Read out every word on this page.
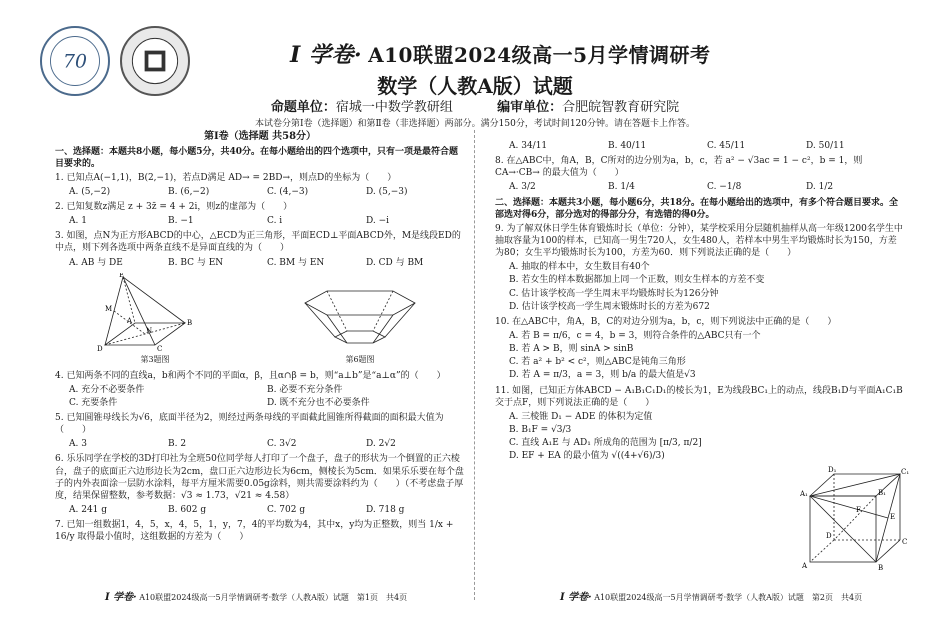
70	I 学卷· A10联盟2024级高一5月学情调研考
数学（人教A版）试题
命题单位：宿城一中数学教研组	编审单位：合肥皖智教育研究院
本试卷分第Ⅰ卷（选择题）和第Ⅱ卷（非选择题）两部分。满分150分，考试时间120分钟。请在答题卡上作答。
第Ⅰ卷（选择题 共58分）
一、选择题：本题共8小题，每小题5分，共40分。在每小题给出的四个选项中，只有一项是最符合题目要求的。
1. 已知点A(−1,1)，B(2,−1)，若点D满足 AD→ = 2BD→，则点D的坐标为（　　）
A. (5,−2)	B. (6,−2)	C. (4,−3)	D. (5,−3)
2. 已知复数z满足 z + 3z̄ = 4 + 2i，则z的虚部为（　　）
A. 1	B. −1	C. i	D. −i
3. 如图，点N为正方形ABCD的中心，△ECD为正三角形，平面ECD⊥平面ABCD外，M是线段ED的中点，则下列各选项中两条直线不是异面直线的为（　　）
A. AB 与 DE	B. BC 与 EN	C. BM 与 EN	D. CD 与 BM
E
M
N
A	B
C
D
第3题图	第6题图
4. 已知两条不同的直线a，b和两个不同的平面α，β，且α∩β = b，则“a⊥b”是“a⊥α”的（　　）
A. 充分不必要条件	B. 必要不充分条件
C. 充要条件	D. 既不充分也不必要条件
5. 已知圆锥母线长为√6，底面半径为2，则经过两条母线的平面截此圆锥所得截面的面积最大值为（　　）
A. 3	B. 2	C. 3√2	D. 2√2
6. 乐乐同学在学校的3D打印社为全班50位同学每人打印了一个盘子，盘子的形状为一个倒置的正六棱台，盘子的底面正六边形边长为2cm，盘口正六边形边长为6cm，侧棱长为5cm．如果乐乐要在每个盘子的内外表面涂一层防水涂料，每平方厘米需要0.05g涂料，则共需要涂料约为（　　）（不考虑盘子厚度，结果保留整数，参考数据：√3 ≈ 1.73，√21 ≈ 4.58）
A. 241 g	B. 602 g	C. 702 g	D. 718 g
7. 已知一组数据1，4，5，x，4，5，1，y，7，4的平均数为4，其中x，y均为正整数，则当 1/x + 16/y 取得最小值时，这组数据的方差为（　　）
A. 34/11	B. 40/11	C. 45/11	D. 50/11
8. 在△ABC中，角A，B，C所对的边分别为a，b，c，若 a² − √3ac = 1 − c²，b = 1，则 CA→·CB→ 的最大值为（　　）
A. 3/2	B. 1/4	C. −1/8	D. 1/2
二、选择题：本题共3小题，每小题6分，共18分。在每小题给出的选项中，有多个符合题目要求。全部选对得6分，部分选对的得部分分，有选错的得0分。
9. 为了解双休日学生体育锻炼时长（单位：分钟），某学校采用分层随机抽样从高一年级1200名学生中抽取容量为100的样本，已知高一男生720人，女生480人，若样本中男生平均锻炼时长为150，方差为80；女生平均锻炼时长为100，方差为60．则下列说法正确的是（　　）
A. 抽取的样本中，女生数目有40个
B. 若女生的样本数据都加上同一个正数，则女生样本的方差不变
C. 估计该学校高一学生周末平均锻炼时长为126分钟
D. 估计该学校高一学生周末锻炼时长的方差为672
10. 在△ABC中，角A，B，C的对边分别为a，b，c，则下列说法中正确的是（　　）
A. 若 B = π/6，c = 4，b = 3，则符合条件的△ABC只有一个
B. 若 A > B，则 sinA > sinB
C. 若 a² + b² < c²，则△ABC是钝角三角形
D. 若 A = π/3，a = 3，则 b/a 的最大值是√3
11. 如图，已知正方体ABCD − A₁B₁C₁D₁的棱长为1，E为线段BC₁上的动点，线段B₁D与平面A₁C₁B交于点F，则下列说法正确的是（　　）
A. 三棱锥 D₁ − ADE 的体积为定值
B. B₁F = √3/3
C. 直线 A₁E 与 AD₁ 所成角的范围为 [π/3, π/2]
D. EF + EA 的最小值为 √((4+√6)/3)
D₁	C₁
A₁	B₁
F
E
D
C
A	B
I 学卷· A10联盟2024级高一5月学情调研考·数学（人教A版）试题　第1页　共4页	I 学卷· A10联盟2024级高一5月学情调研考·数学（人教A版）试题　第2页　共4页
